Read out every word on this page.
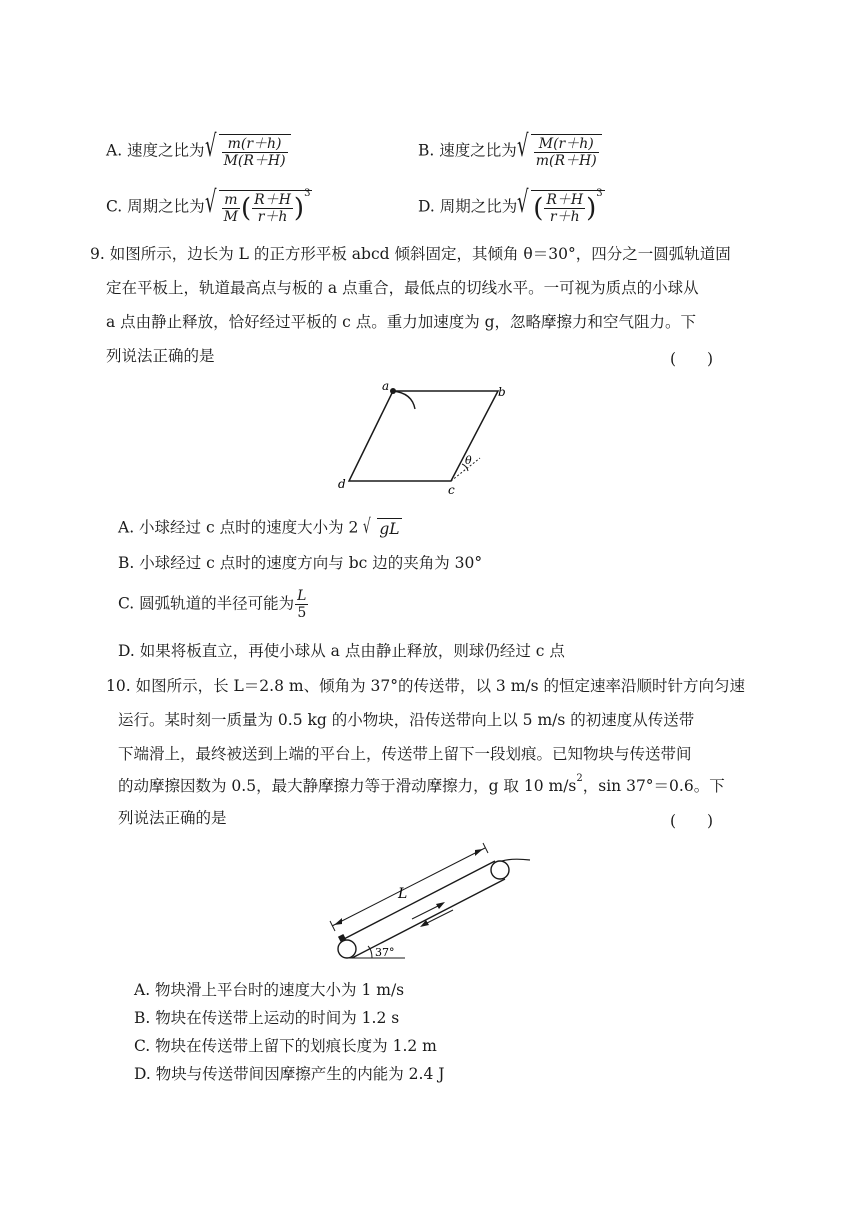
A. 速度之比为 √ $\frac{m(r+h)}{M(R+H)}$	B. 速度之比为 √ $\frac{M(r+h)}{m(R+H)}$
C. 周期之比为 √ $\frac{m}{M}$ ( $\frac{R+H}{r+h} )^3$
D. 周期之比为 √ ( $\frac{R+H}{r+h} )^3$
9. 如图所示，边长为 L 的正方形平板 abcd 倾斜固定，其倾角 θ＝30°，四分之一圆弧轨道固
定在平板上，轨道最高点与板的 a 点重合，最低点的切线水平。一可视为质点的小球从
a 点由静止释放，恰好经过平板的 c 点。重力加速度为 g，忽略摩擦力和空气阻力。下
列说法正确的是	(　　)
a	b
c
d
θ
A. 小球经过 c 点时的速度大小为 2 √ gL
B. 小球经过 c 点时的速度方向与 bc 边的夹角为 30°
C. 圆弧轨道的半径可能为 $\frac{L}{5}$
D. 如果将板直立，再使小球从 a 点由静止释放，则球仍经过 c 点
10. 如图所示，长 L＝2.8 m、倾角为 37°的传送带，以 3 m/s 的恒定速率沿顺时针方向匀速
运行。某时刻一质量为 0.5 kg 的小物块，沿传送带向上以 5 m/s 的初速度从传送带
下端滑上，最终被送到上端的平台上，传送带上留下一段划痕。已知物块与传送带间
的动摩擦因数为 0.5，最大静摩擦力等于滑动摩擦力，g 取 10 $m/s^2$，sin 37°＝0.6。下
列说法正确的是	(　　)
L
37°
A. 物块滑上平台时的速度大小为 1 m/s
B. 物块在传送带上运动的时间为 1.2 s
C. 物块在传送带上留下的划痕长度为 1.2 m
D. 物块与传送带间因摩擦产生的内能为 2.4 J
